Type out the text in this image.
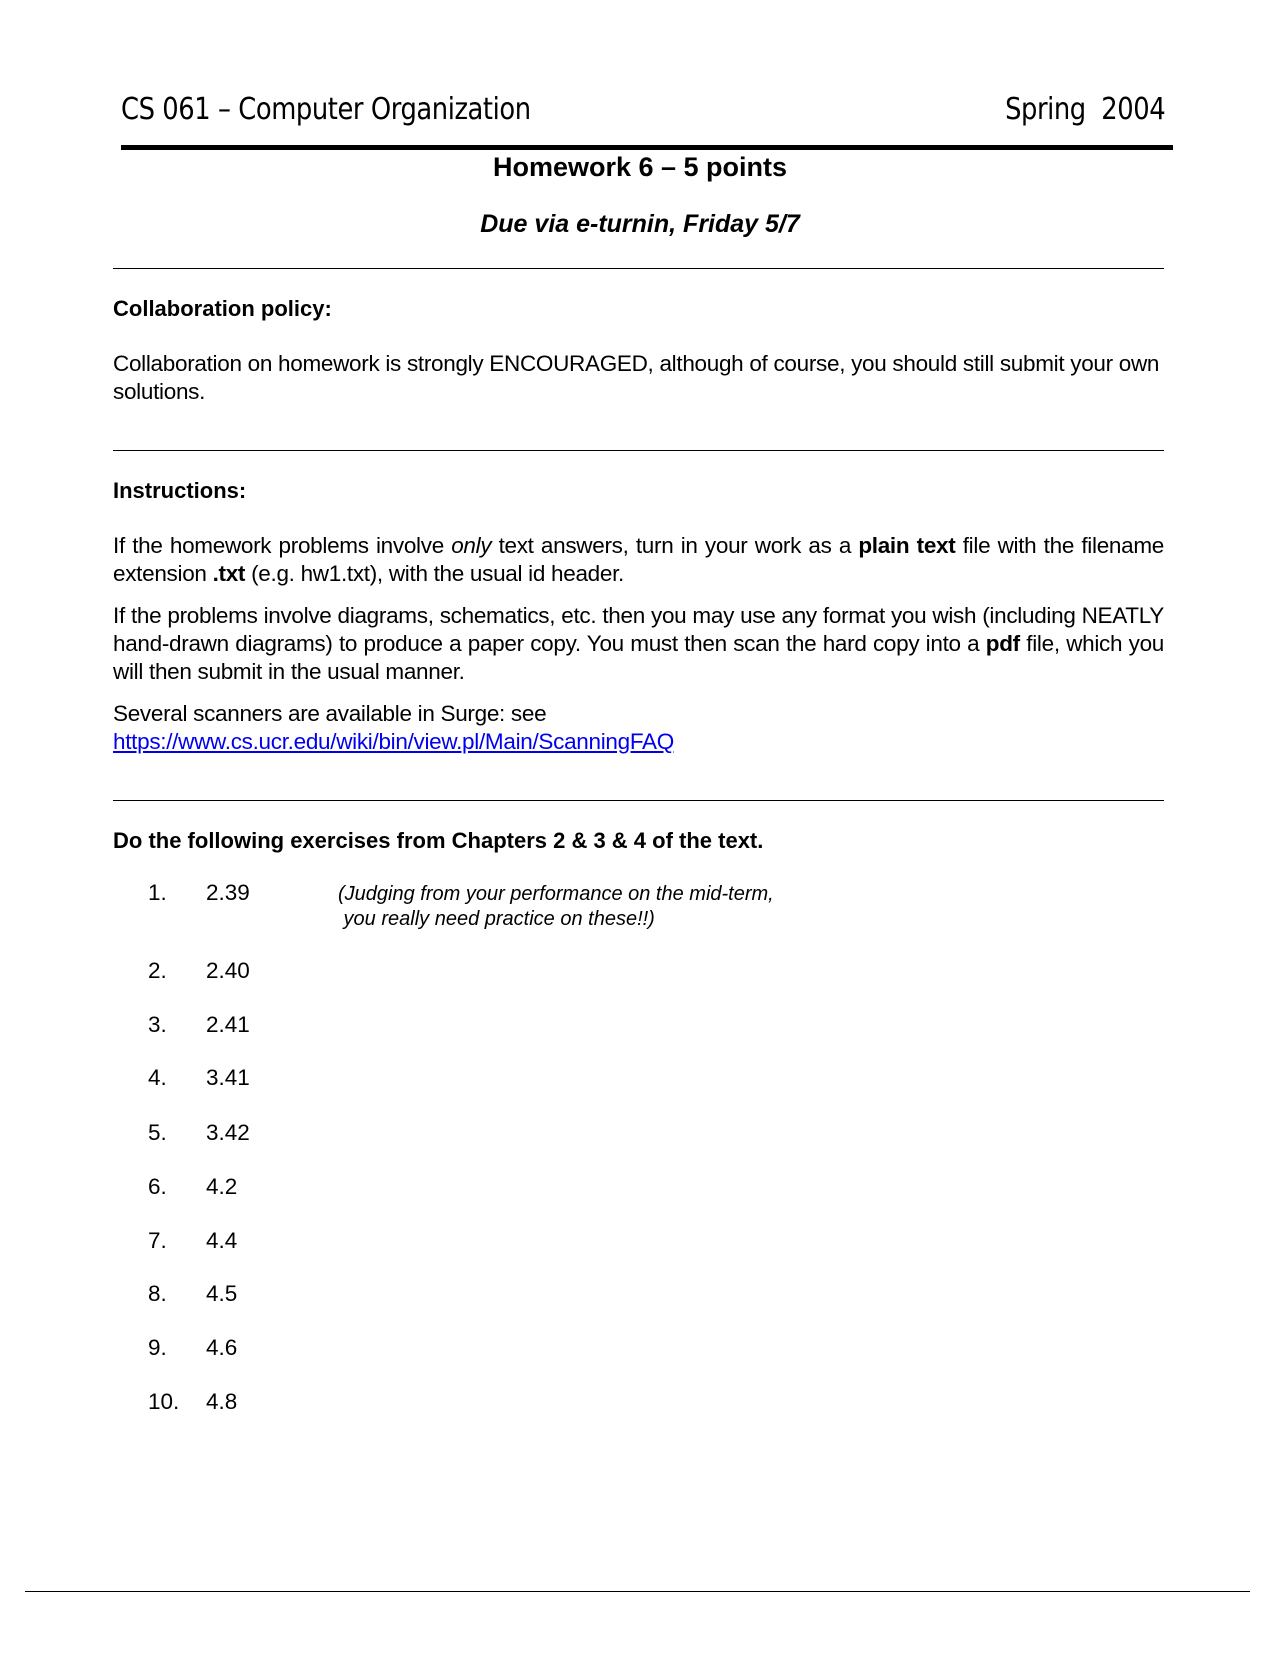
CS 061 – Computer Organization	Spring  2004
Homework 6 – 5 points
Due via e-turnin, Friday 5/7
Collaboration policy:
Collaboration on homework is strongly ENCOURAGED, although of course, you should still submit your own solutions.
Instructions:
If the homework problems involve only text answers, turn in your work as a plain text file with the filename extension .txt (e.g. hw1.txt), with the usual id header.
If the problems involve diagrams, schematics, etc. then you may use any format you wish (including NEATLY hand-drawn diagrams) to produce a paper copy. You must then scan the hard copy into a pdf file, which you will then submit in the usual manner.
Several scanners are available in Surge: see
https://www.cs.ucr.edu/wiki/bin/view.pl/Main/ScanningFAQ
Do the following exercises from Chapters 2 & 3 & 4 of the text.
1. 2.39
2. 2.40
3. 2.41
4. 3.41
5. 3.42
6. 4.2
7. 4.4
8. 4.5
9. 4.6
10. 4.8
(Judging from your performance on the mid-term,
you really need practice on these!!)
